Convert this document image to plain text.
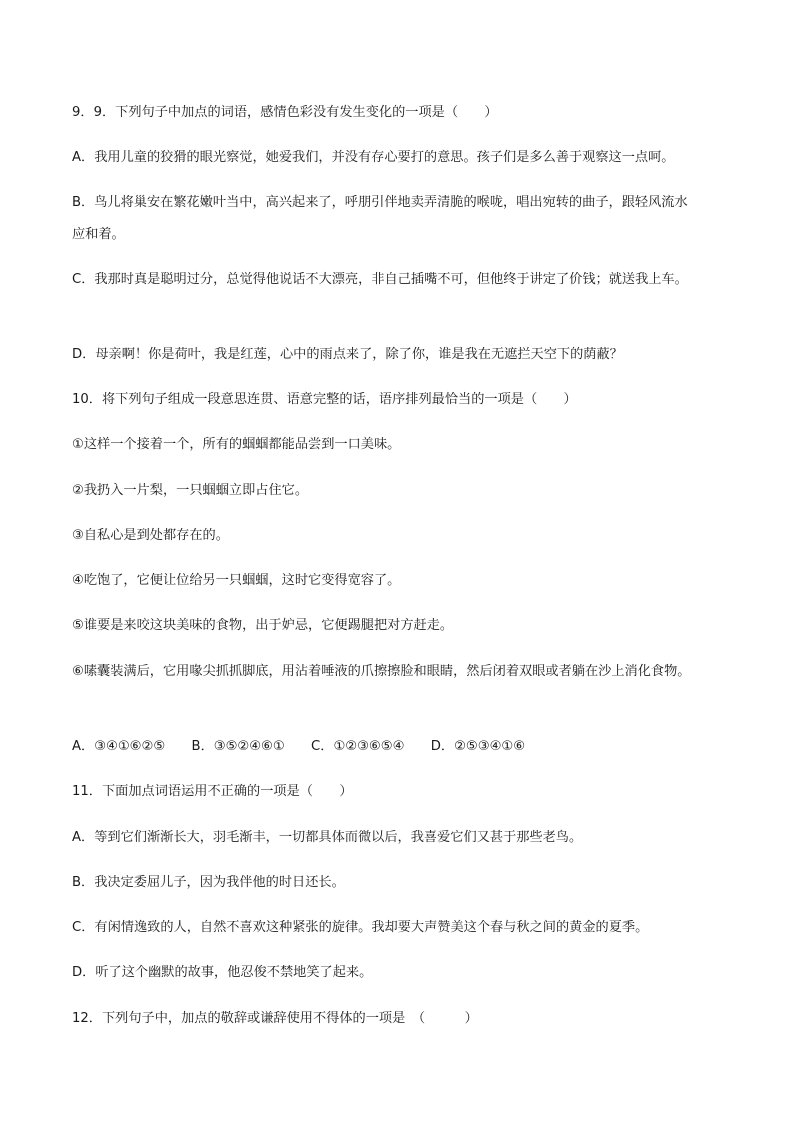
9．9．下列句子中加点的词语，感情色彩没有发生变化的一项是（　　）
A．我用儿童的狡猾的眼光察觉，她爱我们，并没有存心要打的意思。孩子们是多么善于观察这一点呵。
B．鸟儿将巢安在繁花嫩叶当中，高兴起来了，呼朋引伴地卖弄清脆的喉咙，唱出宛转的曲子，跟轻风流水
应和着。
C．我那时真是聪明过分，总觉得他说话不大漂亮，非自己插嘴不可，但他终于讲定了价钱；就送我上车。
D．母亲啊！你是荷叶，我是红莲，心中的雨点来了，除了你，谁是我在无遮拦天空下的荫蔽？
10．将下列句子组成一段意思连贯、语意完整的话，语序排列最恰当的一项是（　　）
①这样一个接着一个，所有的蝈蝈都能品尝到一口美味。
②我扔入一片梨，一只蝈蝈立即占住它。
③自私心是到处都存在的。
④吃饱了，它便让位给另一只蝈蝈，这时它变得宽容了。
⑤谁要是来咬这块美味的食物，出于妒忌，它便踢腿把对方赶走。
⑥嗉囊装满后，它用喙尖抓抓脚底，用沾着唾液的爪擦擦脸和眼睛，然后闭着双眼或者躺在沙上消化食物。
A．③④①⑥②⑤　　B．③⑤②④⑥①　　C．①②③⑥⑤④　　D．②⑤③④①⑥
11．下面加点词语运用不正确的一项是（　　）
A．等到它们渐渐长大，羽毛渐丰，一切都具体而微以后，我喜爱它们又甚于那些老鸟。
B．我决定委屈儿子，因为我伴他的时日还长。
C．有闲情逸致的人，自然不喜欢这种紧张的旋律。我却要大声赞美这个春与秋之间的黄金的夏季。
D．听了这个幽默的故事，他忍俊不禁地笑了起来。
12．下列句子中，加点的敬辞或谦辞使用不得体的一项是　（　　　）
